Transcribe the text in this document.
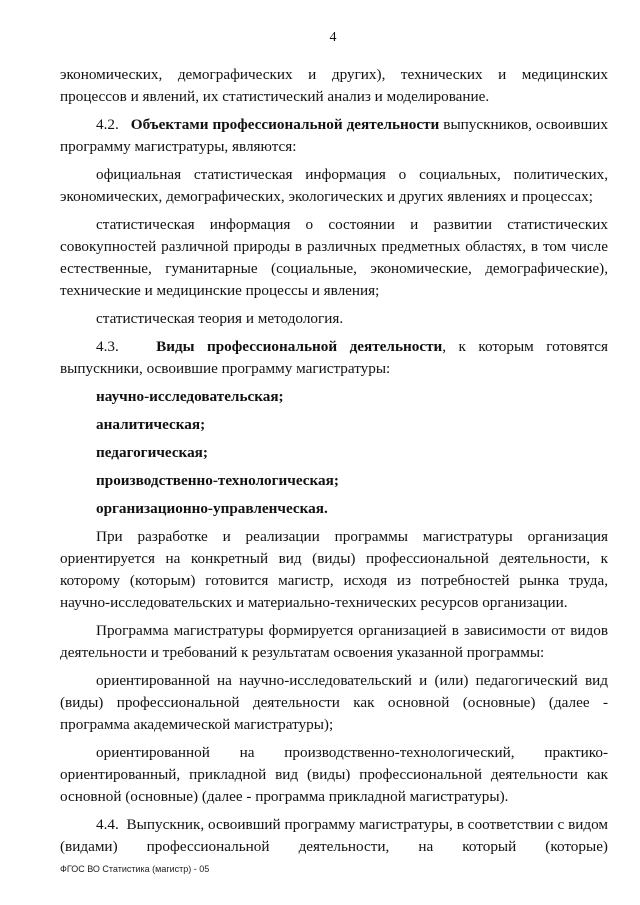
4

экономических, демографических и других), технических и медицинских процессов и явлений, их статистический анализ и моделирование.

4.2. Объектами профессиональной деятельности выпускников, освоивших программу магистратуры, являются:

официальная статистическая информация о социальных, политических, экономических, демографических, экологических и других явлениях и процессах;

статистическая информация о состоянии и развитии статистических совокупностей различной природы в различных предметных областях, в том числе естественные, гуманитарные (социальные, экономические, демографические), технические и медицинские процессы и явления;

статистическая теория и методология.

4.3. Виды профессиональной деятельности, к которым готовятся выпускники, освоившие программу магистратуры:

научно-исследовательская;

аналитическая;

педагогическая;

производственно-технологическая;

организационно-управленческая.

При разработке и реализации программы магистратуры организация ориентируется на конкретный вид (виды) профессиональной деятельности, к которому (которым) готовится магистр, исходя из потребностей рынка труда, научно-исследовательских и материально-технических ресурсов организации.

Программа магистратуры формируется организацией в зависимости от видов деятельности и требований к результатам освоения указанной программы:

ориентированной на научно-исследовательский и (или) педагогический вид (виды) профессиональной деятельности как основной (основные) (далее - программа академической магистратуры);

ориентированной на производственно-технологический, практико-ориентированный, прикладной вид (виды) профессиональной деятельности как основной (основные) (далее - программа прикладной магистратуры).

4.4. Выпускник, освоивший программу магистратуры, в соответствии с видом (видами) профессиональной деятельности, на который (которые)

ФГОС ВО Статистика (магистр) - 05
